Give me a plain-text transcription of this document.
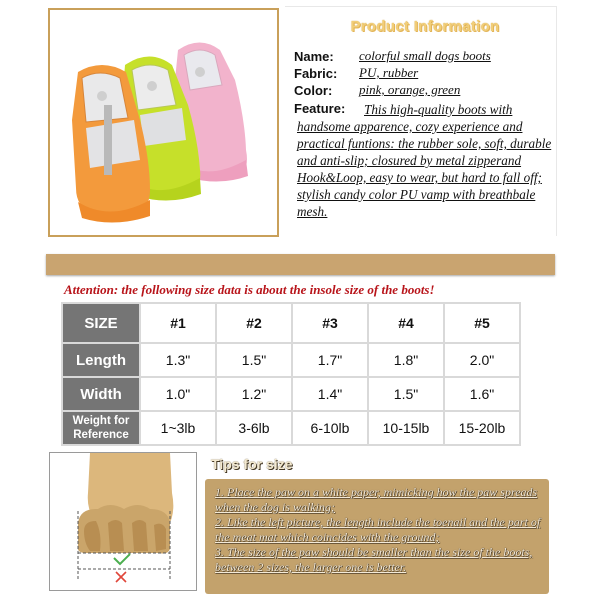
Product Information
Name: colorful small dogs boots
Fabric: PU, rubber
Color: pink, orange, green
Feature:	This high-quality boots with handsome apparence, cozy experience and practical funtions: the rubber sole, soft, durable and anti-slip; closured by metal zipperand Hook&Loop, easy to wear, but hard to fall off; stylish candy color PU vamp with breathbale mesh.
Attention: the following size data is about the insole size of the boots!
SIZE	#1	#2	#3	#4	#5
Length	1.3"	1.5"	1.7"	1.8"	2.0"
Width	1.0"	1.2"	1.4"	1.5"	1.6"

Weight for
Reference	1~3lb	3-6lb	6-10lb	10-15lb	15-20lb
Tips for size

1. Place the paw on a white paper, mimicking how the paw spreads when the dog is walking;

2. Like the left picture, the length include the toenail and the part of the meat mat which coincides with the ground;

3. The size of the paw should be smaller than the size of the boots, between 2 sizes, the larger one is better.
